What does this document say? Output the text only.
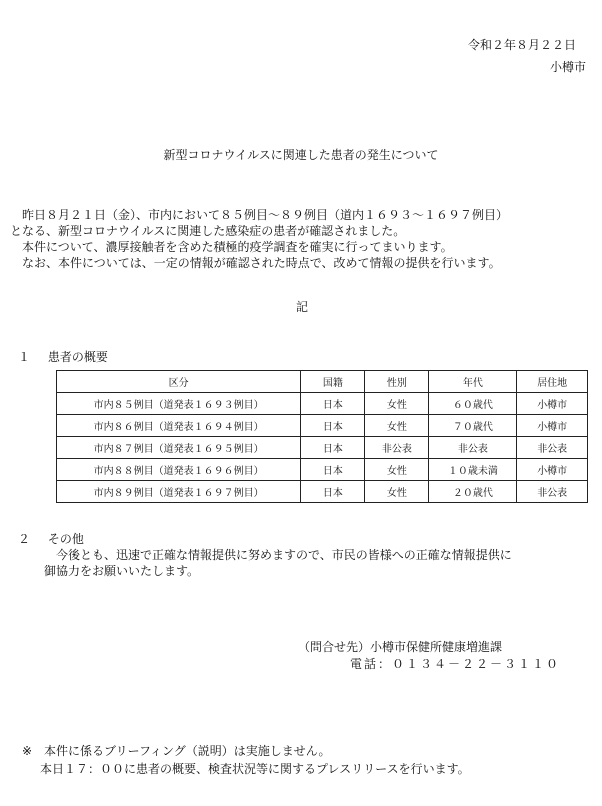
令和２年８月２２日
小樽市
新型コロナウイルスに関連した患者の発生について
　昨日８月２１日（金）、市内において８５例目～８９例目（道内１６９３～１６９７例目）
となる、新型コロナウイルスに関連した感染症の患者が確認されました。
　本件について、濃厚接触者を含めた積極的疫学調査を確実に行ってまいります。
　なお、本件については、一定の情報が確認された時点で、改めて情報の提供を行います。
記
１ 患者の概要
区分	国籍	性別	年代	居住地
市内８５例目（道発表１６９３例目）	日本	女性	６０歳代	小樽市
市内８６例目（道発表１６９４例目）	日本	女性	７０歳代	小樽市
市内８７例目（道発表１６９５例目）	日本	非公表	非公表	非公表
市内８８例目（道発表１６９６例目）	日本	女性	１０歳未満	小樽市
市内８９例目（道発表１６９７例目）	日本	女性	２０歳代	非公表
２ その他
今後とも、迅速で正確な情報提供に努めますので、市民の皆様への正確な情報提供に
御協力をお願いいたします。
（問合せ先）小樽市保健所健康増進課
電話：０１３４－２２－３１１０
※　本件に係るブリーフィング（説明）は実施しません。
本日１７：００に患者の概要、検査状況等に関するプレスリリースを行います。
